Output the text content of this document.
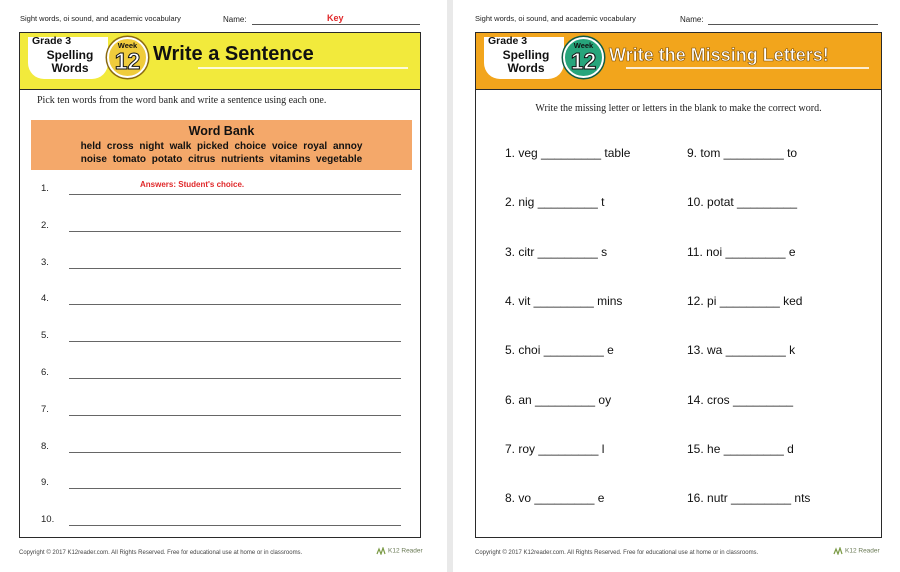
Sight words, oi sound, and academic vocabulary	Name:	Key
Grade 3
Spelling
Words
Week
12 Write a Sentence
Pick ten words from the word bank and write a sentence using each one.
Word Bank
held cross night walk picked choice voice royal annoy
noise tomato potato citrus nutrients vitamins vegetable
Answers: Student's choice.
1.
2.
3.
4.
5.
6.
7.
8.
9.
10.
Copyright © 2017 K12reader.com. All Rights Reserved. Free for educational use at home or in classrooms.	K12 Reader
Sight words, oi sound, and academic vocabulary	Name:
Grade 3
Spelling
Words
Week
12 Write the Missing Letters!
Write the missing letter or letters in the blank to make the correct word.
1. veg _________ table
2. nig _________ t
3. citr _________ s
4. vit _________ mins
5. choi _________ e
6. an _________ oy
7. roy _________ l
8. vo _________ e
9. tom _________ to
10. potat _________
11. noi _________ e
12. pi _________ ked
13. wa _________ k
14. cros _________
15. he _________ d
16. nutr _________ nts
Copyright © 2017 K12reader.com. All Rights Reserved. Free for educational use at home or in classrooms.	K12 Reader
